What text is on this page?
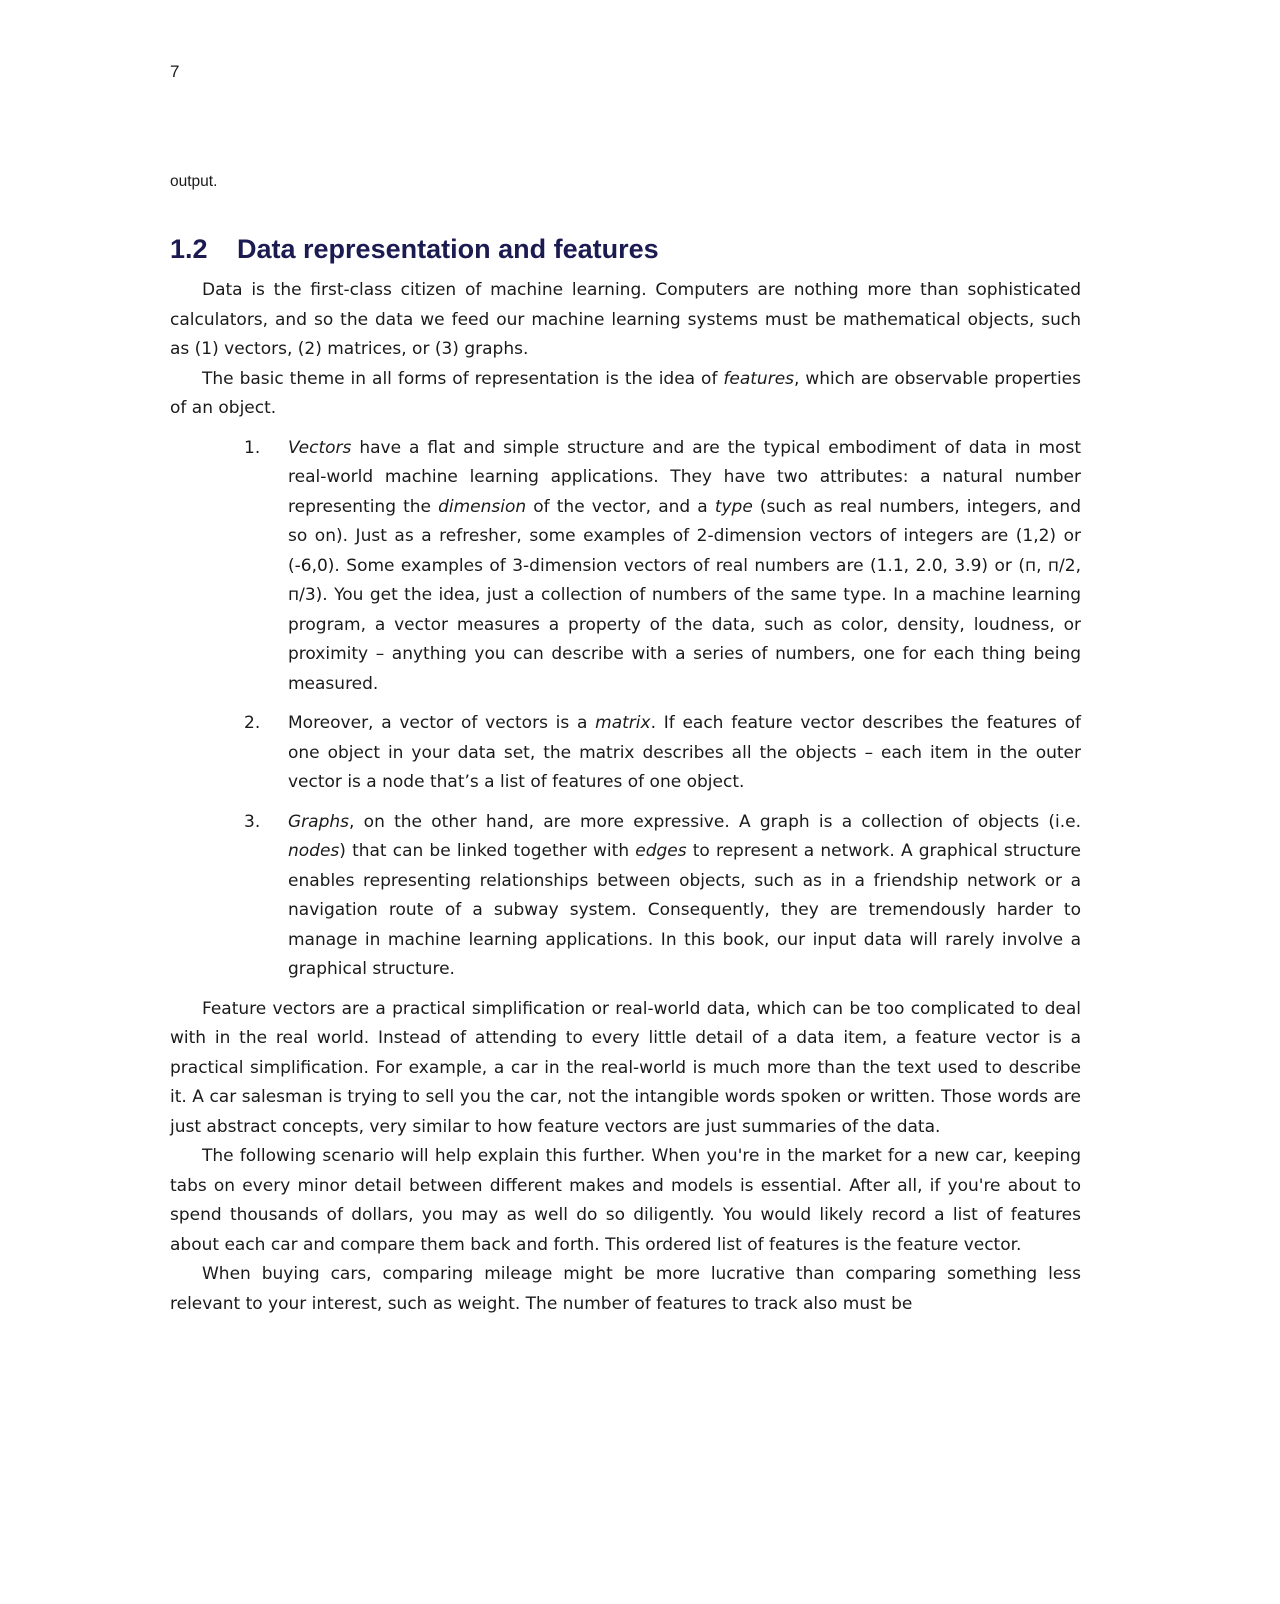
7
output.
1.2 Data representation and features

Data is the first-class citizen of machine learning. Computers are nothing more than sophisticated calculators, and so the data we feed our machine learning systems must be mathematical objects, such as (1) vectors, (2) matrices, or (3) graphs.

The basic theme in all forms of representation is the idea of features, which are observable properties of an object.

1. Vectors have a flat and simple structure and are the typical embodiment of data in most real-world machine learning applications. They have two attributes: a natural number representing the dimension of the vector, and a type (such as real numbers, integers, and so on). Just as a refresher, some examples of 2-dimension vectors of integers are (1,2) or (-6,0). Some examples of 3-dimension vectors of real numbers are (1.1, 2.0, 3.9) or (п, п/2, п/3). You get the idea, just a collection of numbers of the same type. In a machine learning program, a vector measures a property of the data, such as color, density, loudness, or proximity – anything you can describe with a series of numbers, one for each thing being measured.
2. Moreover, a vector of vectors is a matrix. If each feature vector describes the features of one object in your data set, the matrix describes all the objects – each item in the outer vector is a node that’s a list of features of one object.
3. Graphs, on the other hand, are more expressive. A graph is a collection of objects (i.e. nodes) that can be linked together with edges to represent a network. A graphical structure enables representing relationships between objects, such as in a friendship network or a navigation route of a subway system. Consequently, they are tremendously harder to manage in machine learning applications. In this book, our input data will rarely involve a graphical structure.

Feature vectors are a practical simplification or real-world data, which can be too complicated to deal with in the real world. Instead of attending to every little detail of a data item, a feature vector is a practical simplification. For example, a car in the real-world is much more than the text used to describe it. A car salesman is trying to sell you the car, not the intangible words spoken or written. Those words are just abstract concepts, very similar to how feature vectors are just summaries of the data.

The following scenario will help explain this further. When you're in the market for a new car, keeping tabs on every minor detail between different makes and models is essential. After all, if you're about to spend thousands of dollars, you may as well do so diligently. You would likely record a list of features about each car and compare them back and forth. This ordered list of features is the feature vector.

When buying cars, comparing mileage might be more lucrative than comparing something less relevant to your interest, such as weight. The number of features to track also must be
